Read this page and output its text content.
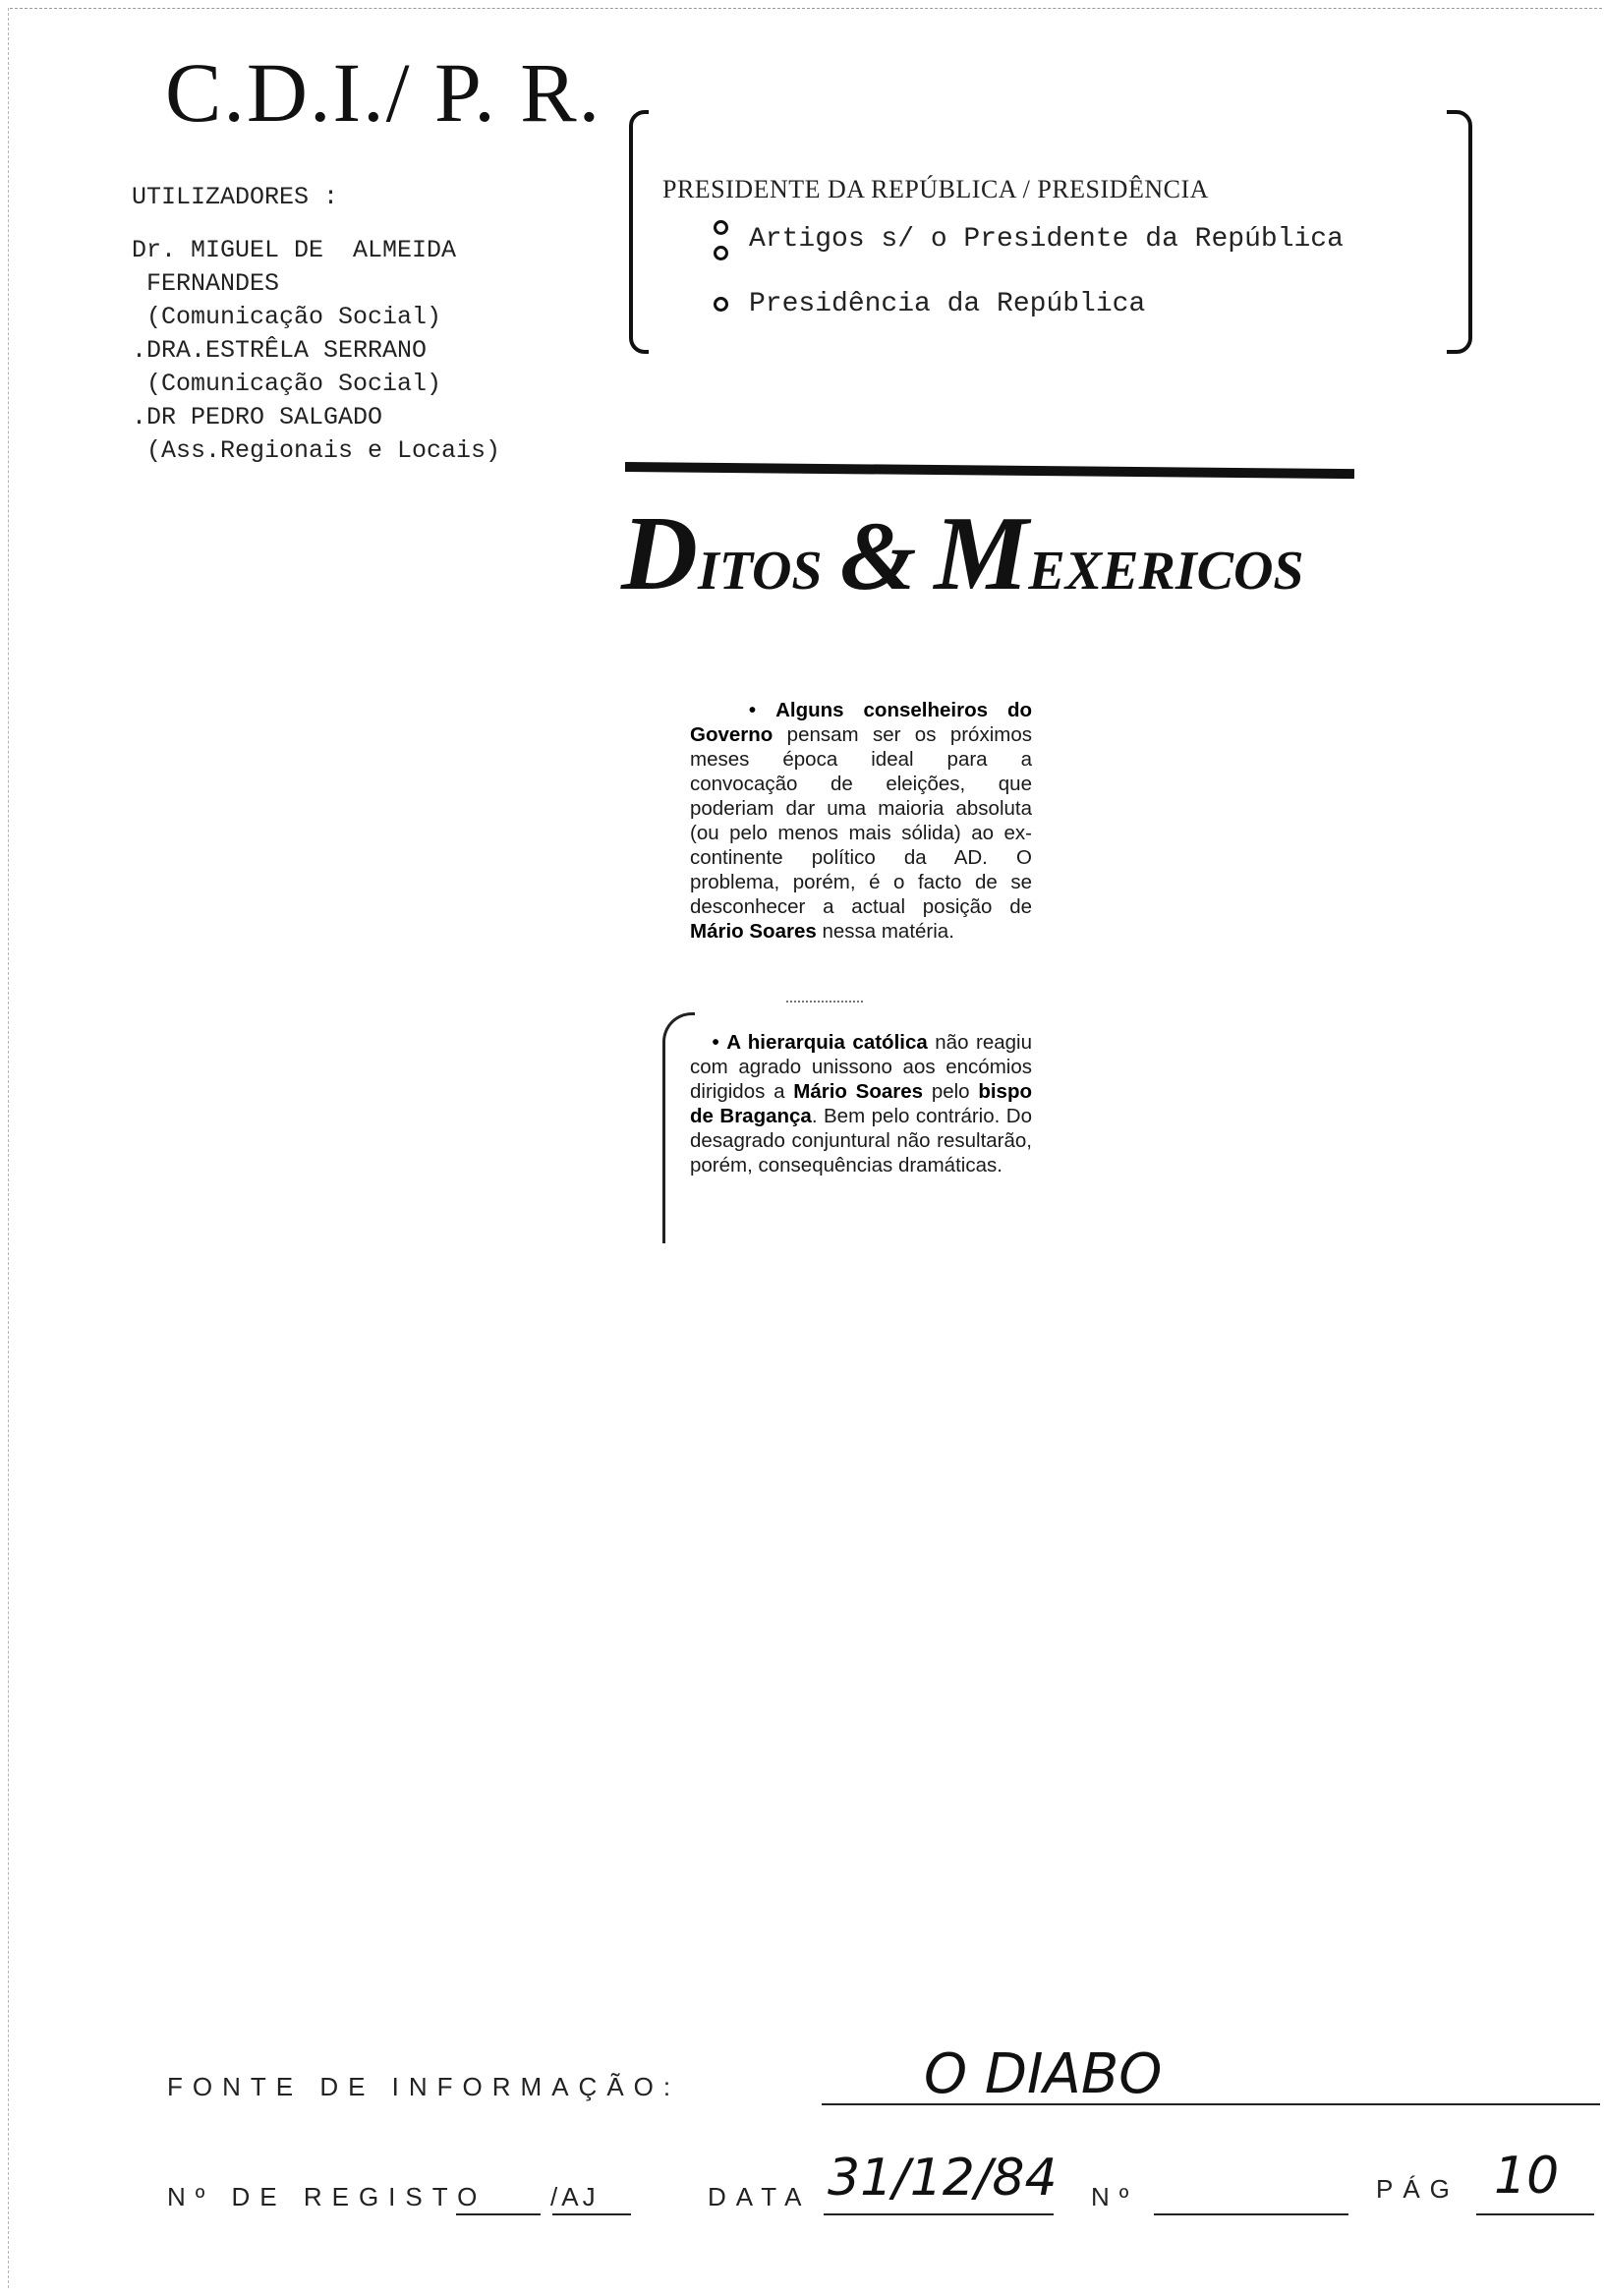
C.D.I./ P. R.
UTILIZADORES :
Dr. MIGUEL DE  ALMEIDA
FERNANDES
(Comunicação Social)
.DRA.ESTRÊLA SERRANO
(Comunicação Social)
.DR PEDRO SALGADO
(Ass.Regionais e Locais)
PRESIDENTE DA REPÚBLICA / PRESIDÊNCIA
Artigos s/ o Presidente da República
Presidência da República
DITOS & MEXERICOS
• Alguns conselheiros do Governo pensam ser os próximos meses época ideal para a convocação de eleições, que poderiam dar uma maioria absoluta (ou pelo menos mais sólida) ao ex-continente político da AD. O problema, porém, é o facto de se desconhecer a actual posição de Mário Soares nessa matéria.
• A hierarquia católica não reagiu com agrado unissono aos encómios dirigidos a Mário Soares pelo bispo de Bragança. Bem pelo contrário. Do desagrado conjuntural não resultarão, porém, consequências dramáticas.
FONTE DE INFORMAÇÃO:	O DIABO
Nº DE REGISTO /AJ	DATA 31/12/84 Nº	PÁG 10
